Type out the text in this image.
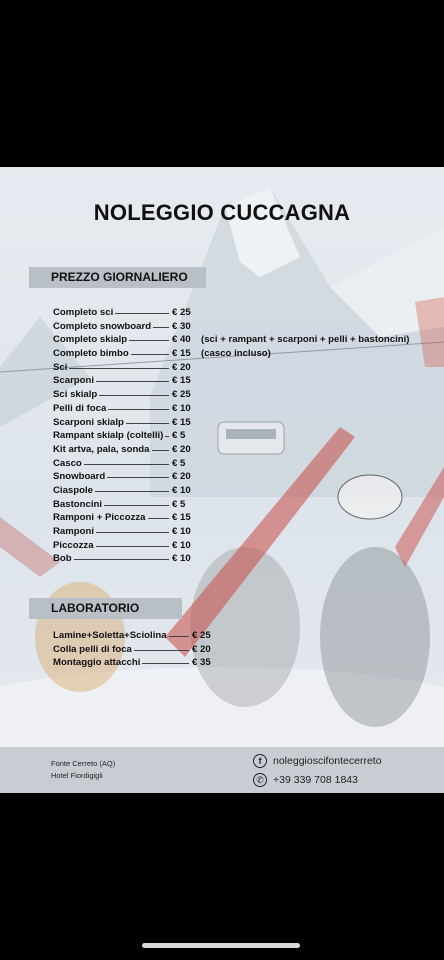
NOLEGGIO CUCCAGNA
PREZZO GIORNALIERO
Completo sci	€ 25
Completo snowboard € 30
Completo skialp	€ 40 (sci + rampant + scarponi + pelli + bastoncini)
Completo bimbo	€ 15 (casco incluso)
Sci	€ 20
Scarponi	€ 15
Sci skialp	€ 25
Pelli di foca	€ 10
Scarponi skialp	€ 15
Rampant skialp (coltelli) € 5
Kit artva, pala, sonda € 20
Casco	€ 5
Snowboard	€ 20
Ciaspole	€ 10
Bastoncini	€ 5
Ramponi + Piccozza	€ 15
Ramponi	€ 10
Piccozza	€ 10
Bob	€ 10
LABORATORIO
Lamine+Soletta+Sciolina	€ 25
Colla pelli di foca	€ 20
Montaggio attacchi	€ 35
Fonte Cerreto (AQ)
Hotel Fiordigigli
f	noleggioscifontecerreto
✆ +39 339 708 1843
